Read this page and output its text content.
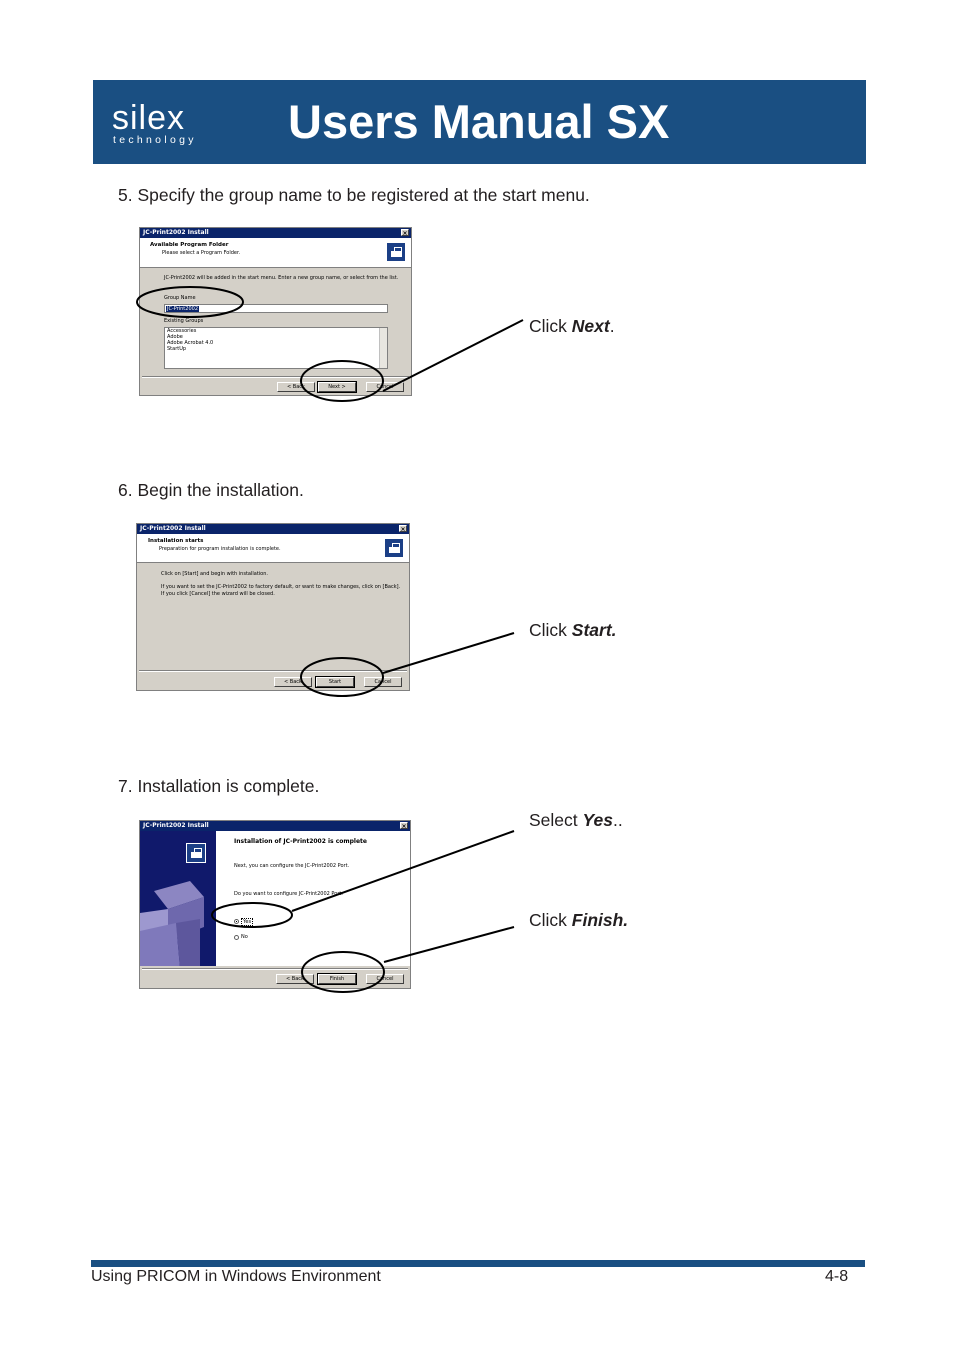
silex
technology Users Manual SX
5. Specify the group name to be registered at the start menu.
JC-Print2002 Install	×
Available Program Folder
Please select a Program Folder.
JC-Print2002 will be added in the start menu. Enter a new group name, or select from the list.
Group Name
JC-Print2002
Existing Groups
Accessories
Adobe
Adobe Acrobat 4.0
StartUp
< Back	Next >	Cancel
Click Next.
6. Begin the installation.
JC-Print2002 Install	×
Installation starts
Preparation for program installation is complete.
Click on [Start] and begin with installation.
If you want to set the JC-Print2002 to factory default, or want to make changes, click on [Back]. If you click [Cancel] the wizard will be closed.
< Back	Start	Cancel
Click Start.
7. Installation is complete.
JC-Print2002 Install	×
Installation of JC-Print2002 is complete
Next, you can configure the JC-Print2002 Port.
Do you want to configure JC-Print2002 Port.
Yes
No
< Back	Finish	Cancel
Select Yes..
Click Finish.
Using PRICOM in Windows Environment	4-8
